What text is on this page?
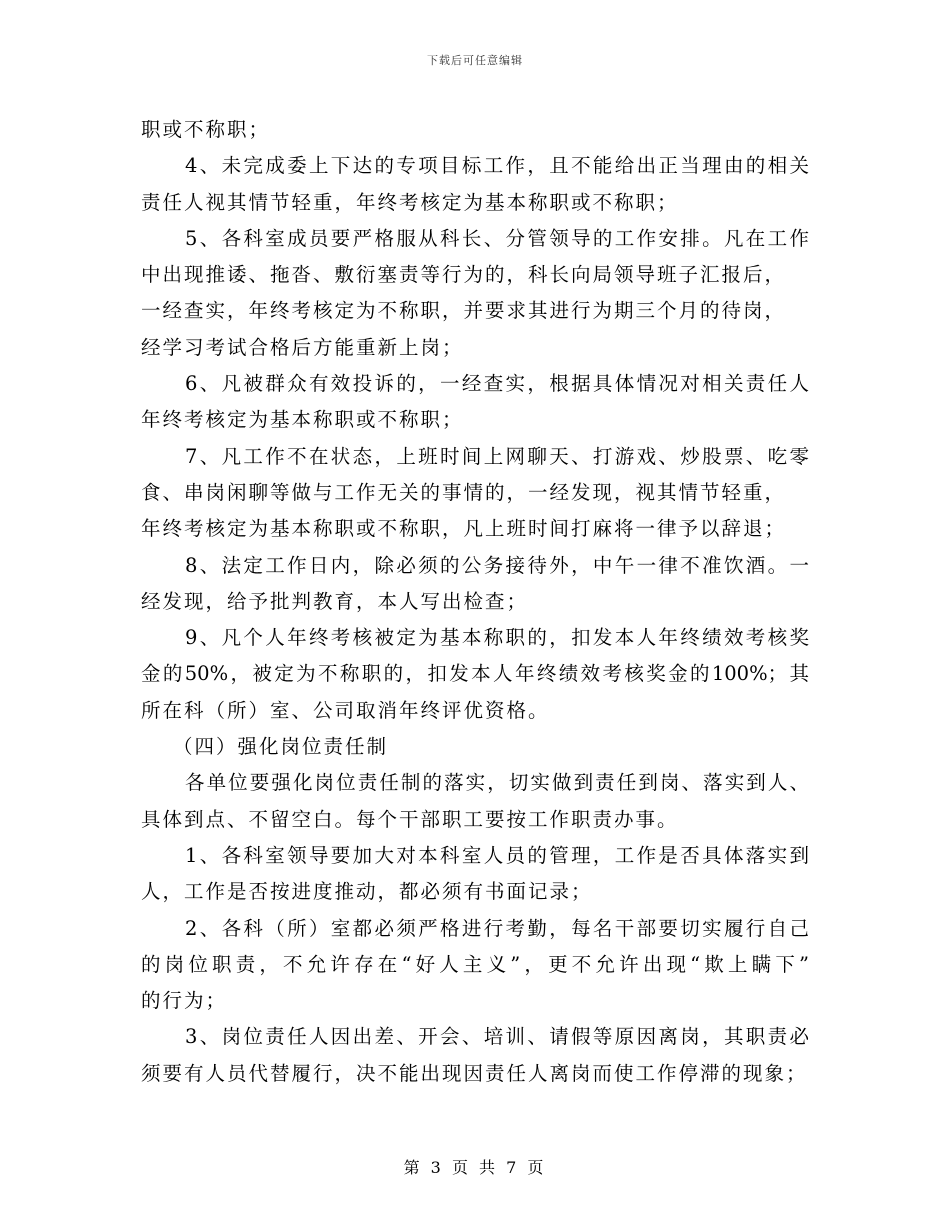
下载后可任意编辑
职或不称职；
4、未完成委上下达的专项目标工作，且不能给出正当理由的相关
责任人视其情节轻重，年终考核定为基本称职或不称职；
5、各科室成员要严格服从科长、分管领导的工作安排。凡在工作
中出现推诿、拖沓、敷衍塞责等行为的，科长向局领导班子汇报后，
一经查实，年终考核定为不称职，并要求其进行为期三个月的待岗，
经学习考试合格后方能重新上岗；
6、凡被群众有效投诉的，一经查实，根据具体情况对相关责任人
年终考核定为基本称职或不称职；
7、凡工作不在状态，上班时间上网聊天、打游戏、炒股票、吃零
食、串岗闲聊等做与工作无关的事情的，一经发现，视其情节轻重，
年终考核定为基本称职或不称职，凡上班时间打麻将一律予以辞退；
8、法定工作日内，除必须的公务接待外，中午一律不准饮酒。一
经发现，给予批判教育，本人写出检查；
9、凡个人年终考核被定为基本称职的，扣发本人年终绩效考核奖
金的50%，被定为不称职的，扣发本人年终绩效考核奖金的100%；其
所在科（所）室、公司取消年终评优资格。
（四）强化岗位责任制
各单位要强化岗位责任制的落实，切实做到责任到岗、落实到人、
具体到点、不留空白。每个干部职工要按工作职责办事。
1、各科室领导要加大对本科室人员的管理，工作是否具体落实到
人，工作是否按进度推动，都必须有书面记录；
2、各科（所）室都必须严格进行考勤，每名干部要切实履行自己
的岗位职责，不允许存在“好人主义”，更不允许出现“欺上瞒下”
的行为；
3、岗位责任人因出差、开会、培训、请假等原因离岗，其职责必
须要有人员代替履行，决不能出现因责任人离岗而使工作停滞的现象；
第 3 页 共 7 页
